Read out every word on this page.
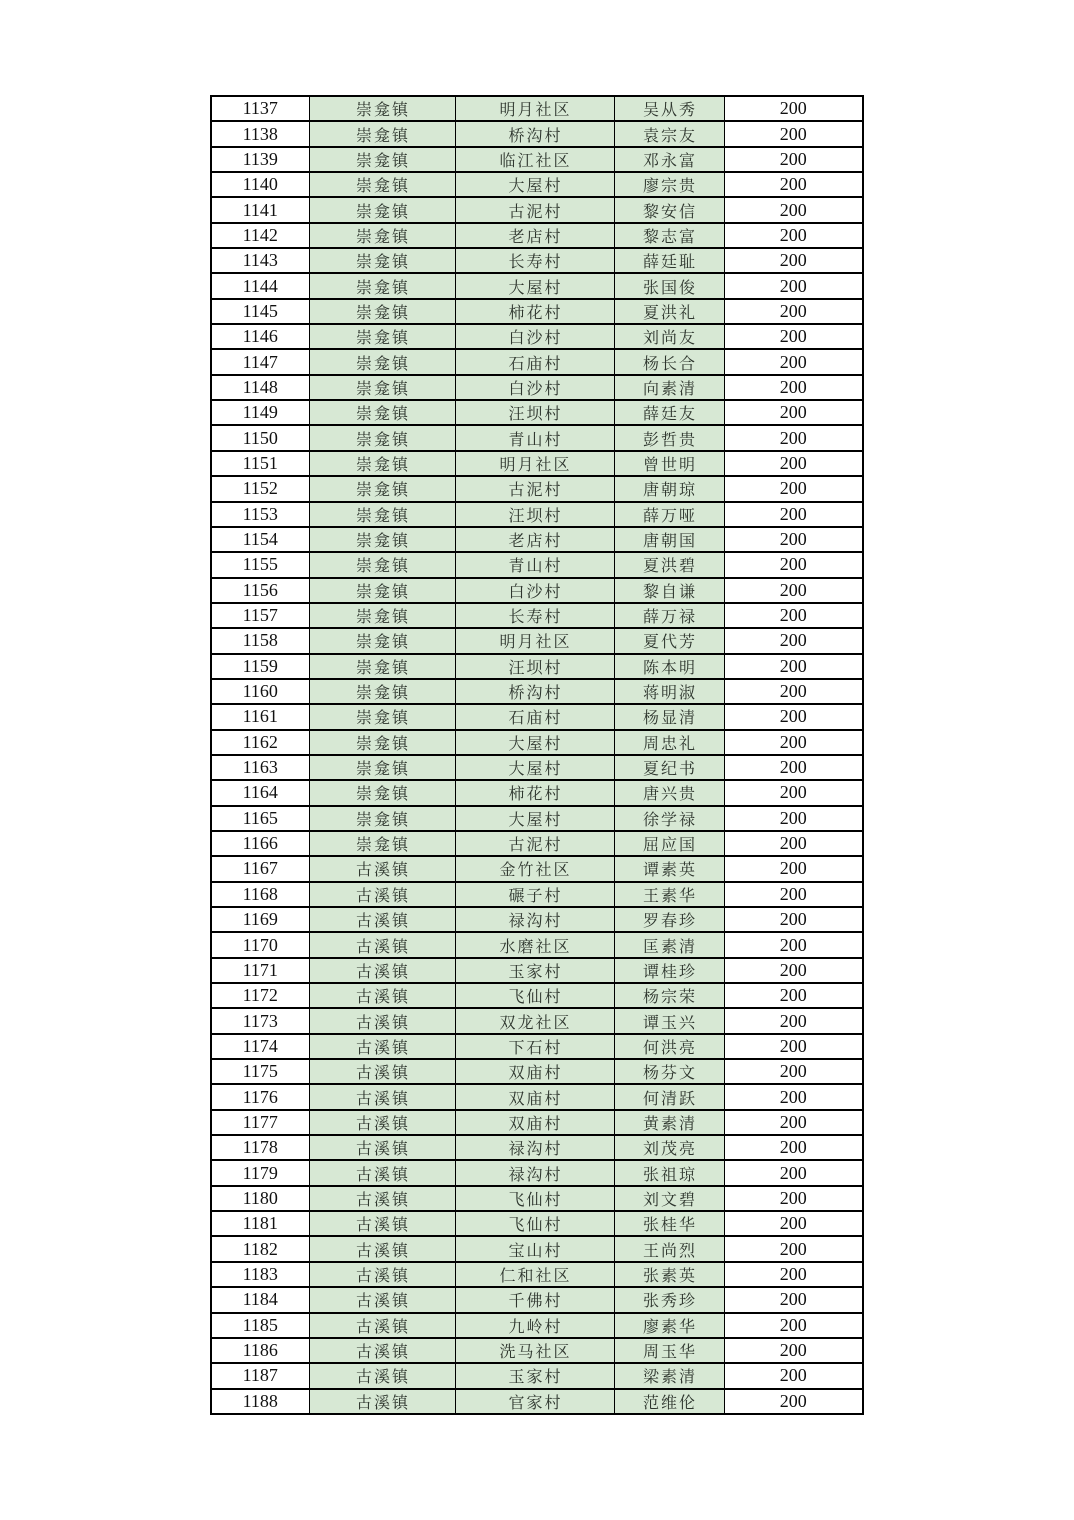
1137	崇龛镇	明月社区	吴从秀	200
1138	崇龛镇	桥沟村	袁宗友	200
1139	崇龛镇	临江社区	邓永富	200
1140	崇龛镇	大屋村	廖宗贵	200
1141	崇龛镇	古泥村	黎安信	200
1142	崇龛镇	老店村	黎志富	200
1143	崇龛镇	长寿村	薛廷耻	200
1144	崇龛镇	大屋村	张国俊	200
1145	崇龛镇	柿花村	夏洪礼	200
1146	崇龛镇	白沙村	刘尚友	200
1147	崇龛镇	石庙村	杨长合	200
1148	崇龛镇	白沙村	向素清	200
1149	崇龛镇	汪坝村	薛廷友	200
1150	崇龛镇	青山村	彭哲贵	200
1151	崇龛镇	明月社区	曾世明	200
1152	崇龛镇	古泥村	唐朝琼	200
1153	崇龛镇	汪坝村	薛万哑	200
1154	崇龛镇	老店村	唐朝国	200
1155	崇龛镇	青山村	夏洪碧	200
1156	崇龛镇	白沙村	黎自谦	200
1157	崇龛镇	长寿村	薛万禄	200
1158	崇龛镇	明月社区	夏代芳	200
1159	崇龛镇	汪坝村	陈本明	200
1160	崇龛镇	桥沟村	蒋明淑	200
1161	崇龛镇	石庙村	杨显清	200
1162	崇龛镇	大屋村	周忠礼	200
1163	崇龛镇	大屋村	夏纪书	200
1164	崇龛镇	柿花村	唐兴贵	200
1165	崇龛镇	大屋村	徐学禄	200
1166	崇龛镇	古泥村	屈应国	200
1167	古溪镇	金竹社区	谭素英	200
1168	古溪镇	碾子村	王素华	200
1169	古溪镇	禄沟村	罗春珍	200
1170	古溪镇	水磨社区	匡素清	200
1171	古溪镇	玉家村	谭桂珍	200
1172	古溪镇	飞仙村	杨宗荣	200
1173	古溪镇	双龙社区	谭玉兴	200
1174	古溪镇	下石村	何洪亮	200
1175	古溪镇	双庙村	杨芬文	200
1176	古溪镇	双庙村	何清跃	200
1177	古溪镇	双庙村	黄素清	200
1178	古溪镇	禄沟村	刘茂亮	200
1179	古溪镇	禄沟村	张祖琼	200
1180	古溪镇	飞仙村	刘文碧	200
1181	古溪镇	飞仙村	张桂华	200
1182	古溪镇	宝山村	王尚烈	200
1183	古溪镇	仁和社区	张素英	200
1184	古溪镇	千佛村	张秀珍	200
1185	古溪镇	九岭村	廖素华	200
1186	古溪镇	洗马社区	周玉华	200
1187	古溪镇	玉家村	梁素清	200
1188	古溪镇	官家村	范维伦	200
